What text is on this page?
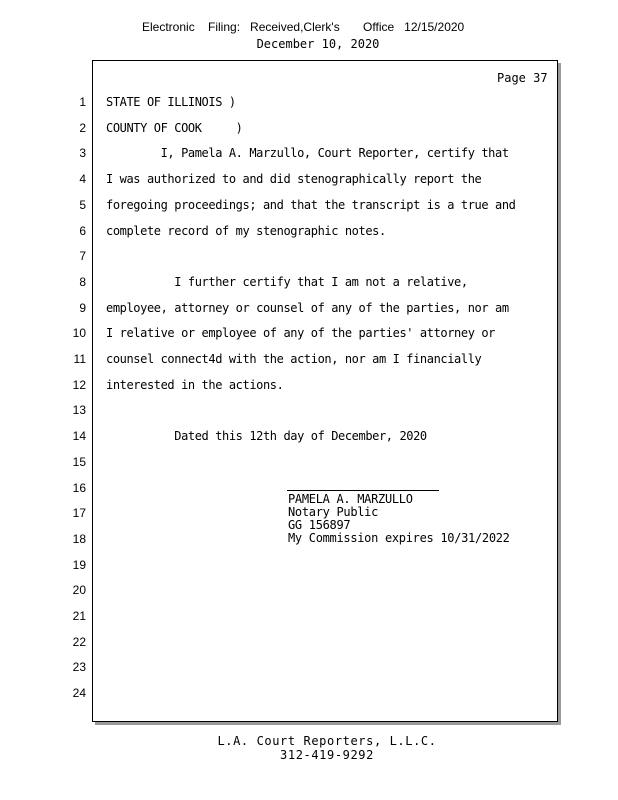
Electronic    Filing:   Received,Clerk's       Office   12/15/2020
December 10, 2020
Page 37
1
2
3
4
5
6
7
8
9
10
11
12
13
14
15
16
17
18
19
20
21
22
23
24
STATE OF ILLINOIS )
COUNTY OF COOK     )
I, Pamela A. Marzullo, Court Reporter, certify that
I was authorized to and did stenographically report the
foregoing proceedings; and that the transcript is a true and
complete record of my stenographic notes.
I further certify that I am not a relative,
employee, attorney or counsel of any of the parties, nor am
I relative or employee of any of the parties' attorney or
counsel connect4d with the action, nor am I financially
interested in the actions.
Dated this 12th day of December, 2020
PAMELA A. MARZULLO
Notary Public
GG 156897
My Commission expires 10/31/2022
L.A. Court Reporters, L.L.C.
312-419-9292
